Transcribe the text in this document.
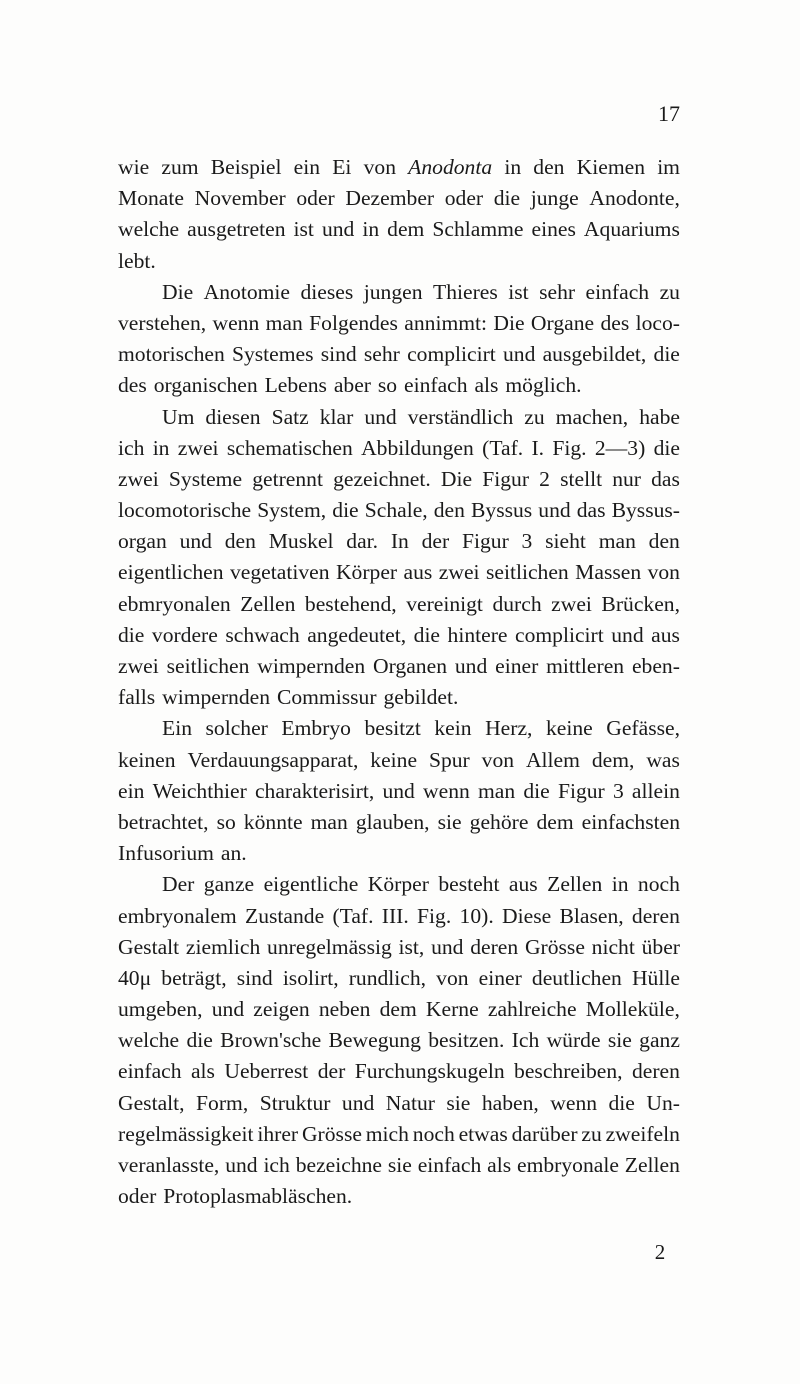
17
wie zum Beispiel ein Ei von Anodonta in den Kiemen im
Monate November oder Dezember oder die junge Anodonte,
welche ausgetreten ist und in dem Schlamme eines Aquariums
lebt.
Die Anotomie dieses jungen Thieres ist sehr einfach zu
verstehen, wenn man Folgendes annimmt: Die Organe des loco-
motorischen Systemes sind sehr complicirt und ausgebildet, die
des organischen Lebens aber so einfach als möglich.
Um diesen Satz klar und verständlich zu machen, habe
ich in zwei schematischen Abbildungen (Taf. I. Fig. 2—3) die
zwei Systeme getrennt gezeichnet. Die Figur 2 stellt nur das
locomotorische System, die Schale, den Byssus und das Byssus-
organ und den Muskel dar. In der Figur 3 sieht man den
eigentlichen vegetativen Körper aus zwei seitlichen Massen von
ebmryonalen Zellen bestehend, vereinigt durch zwei Brücken,
die vordere schwach angedeutet, die hintere complicirt und aus
zwei seitlichen wimpernden Organen und einer mittleren eben-
falls wimpernden Commissur gebildet.
Ein solcher Embryo besitzt kein Herz, keine Gefässe,
keinen Verdauungsapparat, keine Spur von Allem dem, was
ein Weichthier charakterisirt, und wenn man die Figur 3 allein
betrachtet, so könnte man glauben, sie gehöre dem einfachsten
Infusorium an.
Der ganze eigentliche Körper besteht aus Zellen in noch
embryonalem Zustande (Taf. III. Fig. 10). Diese Blasen, deren
Gestalt ziemlich unregelmässig ist, und deren Grösse nicht über
40μ beträgt, sind isolirt, rundlich, von einer deutlichen Hülle
umgeben, und zeigen neben dem Kerne zahlreiche Molleküle,
welche die Brown'sche Bewegung besitzen. Ich würde sie ganz
einfach als Ueberrest der Furchungskugeln beschreiben, deren
Gestalt, Form, Struktur und Natur sie haben, wenn die Un-
regelmässigkeit ihrer Grösse mich noch etwas darüber zu zweifeln
veranlasste, und ich bezeichne sie einfach als embryonale Zellen
oder Protoplasmabläschen.
2
